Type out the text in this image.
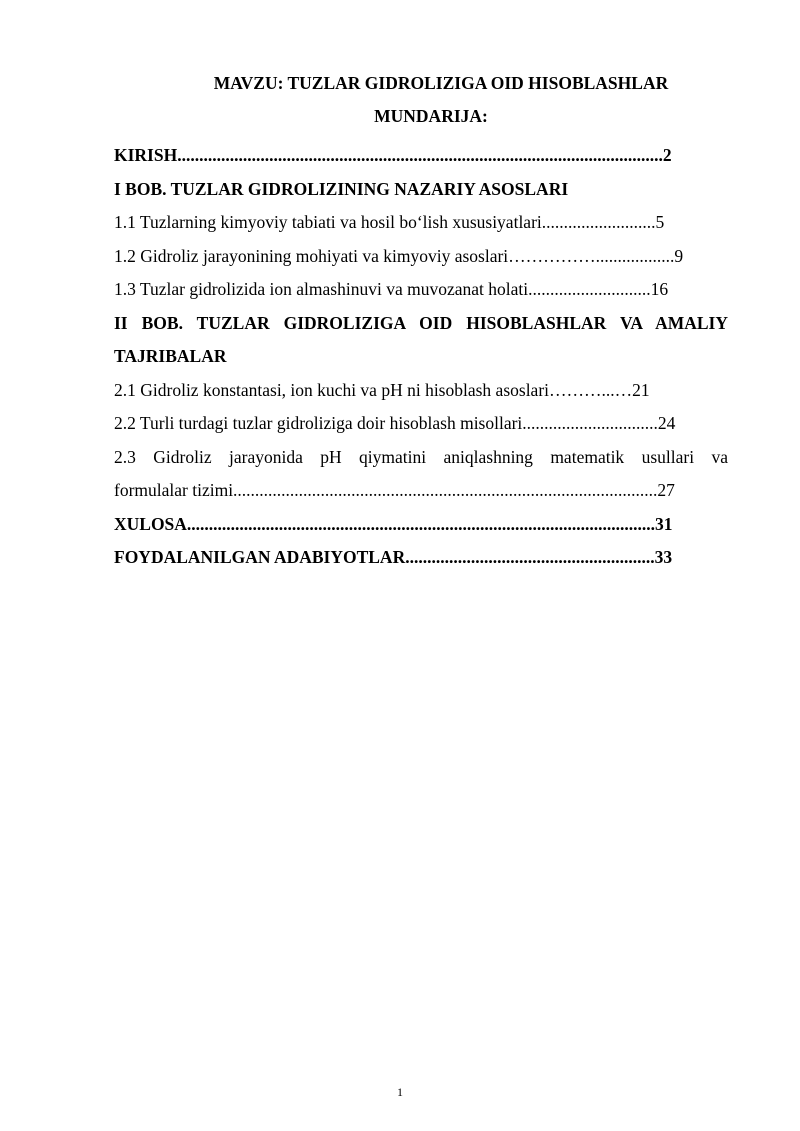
MAVZU: TUZLAR GIDROLIZIGA OID HISOBLASHLAR
MUNDARIJA:
KIRISH...............................................................................................................2
I BOB. TUZLAR GIDROLIZINING NAZARIY ASOSLARI
1.1 Tuzlarning kimyoviy tabiati va hosil bo‘lish xususiyatlari..........................5
1.2 Gidroliz jarayonining mohiyati va kimyoviy asoslari……………..................9
1.3 Tuzlar gidrolizida ion almashinuvi va muvozanat holati............................16
II BOB. TUZLAR GIDROLIZIGA OID HISOBLASHLAR VA AMALIY
TAJRIBALAR
2.1 Gidroliz konstantasi, ion kuchi va pH ni hisoblash asoslari………...…21
2.2 Turli turdagi tuzlar gidroliziga doir hisoblash misollari...............................24
2.3 Gidroliz jarayonida pH qiymatini aniqlashning matematik usullari va
formulalar tizimi.................................................................................................27
XULOSA...........................................................................................................31
FOYDALANILGAN ADABIYOTLAR.........................................................33
1
